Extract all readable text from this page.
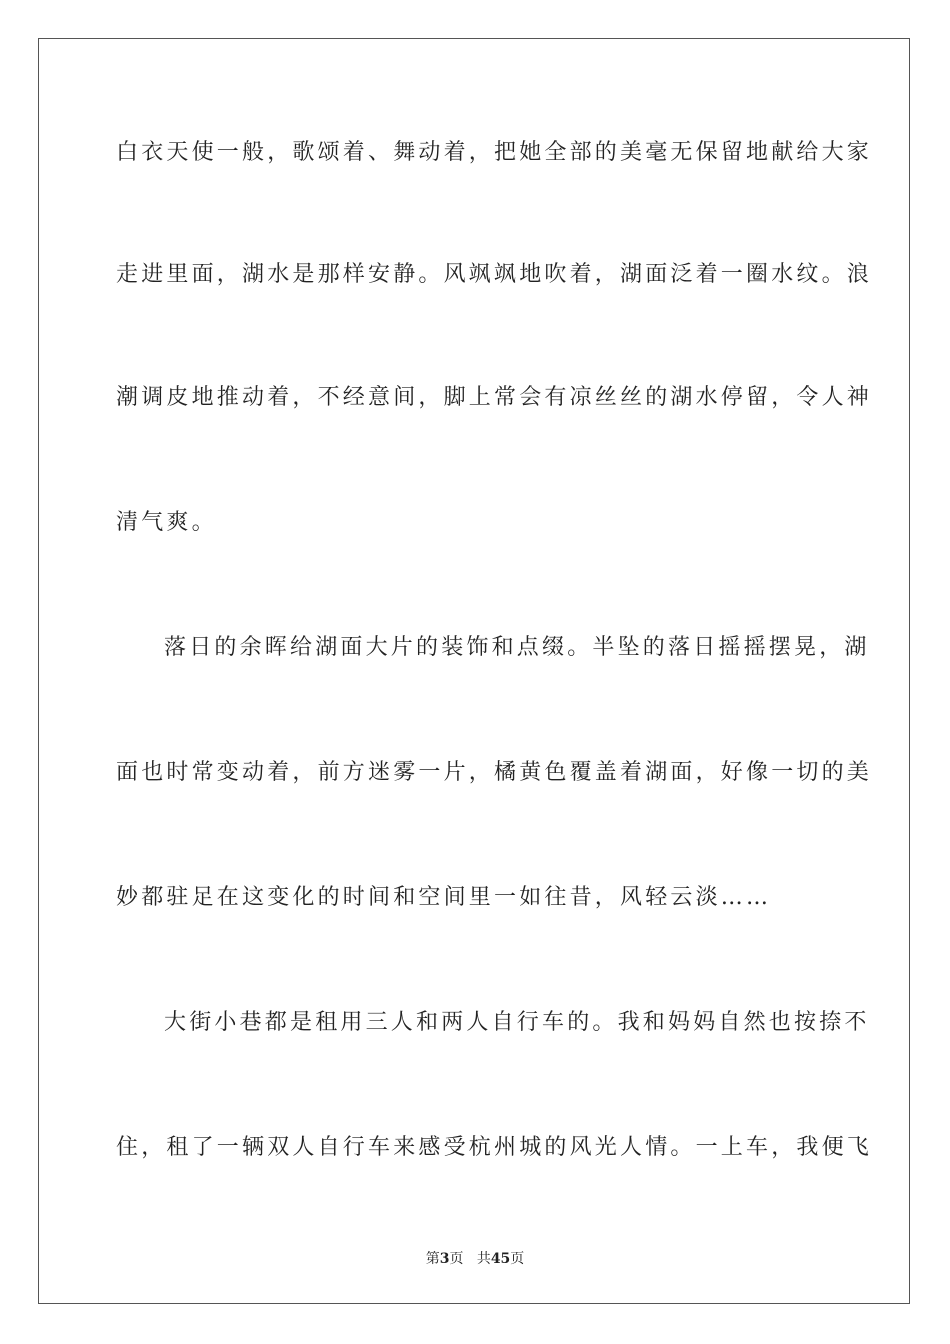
白衣天使一般，歌颂着、舞动着，把她全部的美毫无保留地献给大家
走进里面，湖水是那样安静。风飒飒地吹着，湖面泛着一圈水纹。浪
潮调皮地推动着，不经意间，脚上常会有凉丝丝的湖水停留，令人神
清气爽。
落日的余晖给湖面大片的装饰和点缀。半坠的落日摇摇摆晃，湖
面也时常变动着，前方迷雾一片，橘黄色覆盖着湖面，好像一切的美
妙都驻足在这变化的时间和空间里一如往昔，风轻云淡……
大街小巷都是租用三人和两人自行车的。我和妈妈自然也按捺不
住，租了一辆双人自行车来感受杭州城的风光人情。一上车，我便飞
第3页 共45页
